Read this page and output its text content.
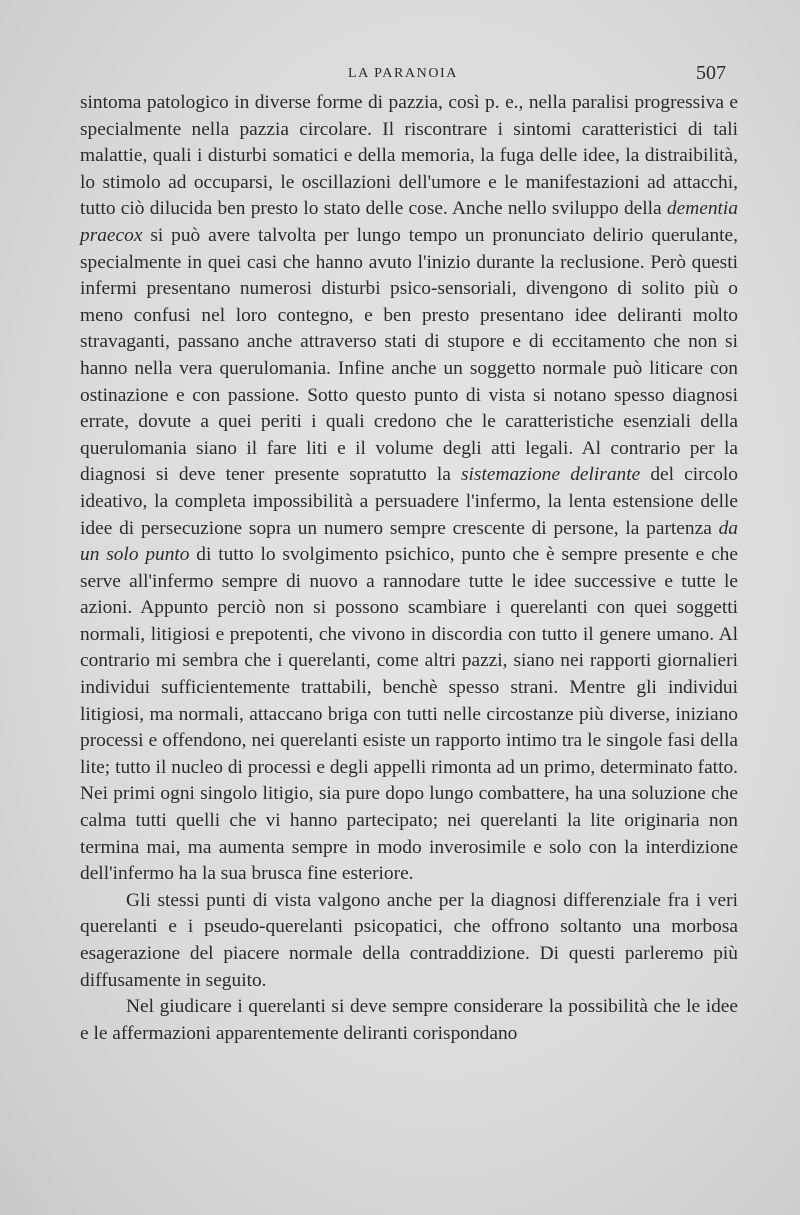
LA PARANOIA	507

sintoma patologico in diverse forme di pazzia, così p. e., nella paralisi progressiva e specialmente nella pazzia circolare. Il riscontrare i sintomi caratteristici di tali malattie, quali i disturbi somatici e della memoria, la fuga delle idee, la distraibilità, lo stimolo ad occuparsi, le oscillazioni dell'umore e le manifestazioni ad attacchi, tutto ciò dilucida ben presto lo stato delle cose. Anche nello sviluppo della dementia praecox si può avere talvolta per lungo tempo un pronunciato delirio querulante, specialmente in quei casi che hanno avuto l'inizio durante la reclusione. Però questi infermi presentano numerosi disturbi psico-sensoriali, divengono di solito più o meno confusi nel loro contegno, e ben presto presentano idee deliranti molto stravaganti, passano anche attraverso stati di stupore e di eccitamento che non si hanno nella vera querulomania. Infine anche un soggetto normale può liticare con ostinazione e con passione. Sotto questo punto di vista si notano spesso diagnosi errate, dovute a quei periti i quali credono che le caratteristiche esenziali della querulomania siano il fare liti e il volume degli atti legali. Al contrario per la diagnosi si deve tener presente sopratutto la sistemazione delirante del circolo ideativo, la completa impossibilità a persuadere l'infermo, la lenta estensione delle idee di persecuzione sopra un numero sempre crescente di persone, la partenza da un solo punto di tutto lo svolgimento psichico, punto che è sempre presente e che serve all'infermo sempre di nuovo a rannodare tutte le idee successive e tutte le azioni. Appunto perciò non si possono scambiare i querelanti con quei soggetti normali, litigiosi e prepotenti, che vivono in discordia con tutto il genere umano. Al contrario mi sembra che i querelanti, come altri pazzi, siano nei rapporti giornalieri individui sufficientemente trattabili, benchè spesso strani. Mentre gli individui litigiosi, ma normali, attaccano briga con tutti nelle circostanze più diverse, iniziano processi e offendono, nei querelanti esiste un rapporto intimo tra le singole fasi della lite; tutto il nucleo di processi e degli appelli rimonta ad un primo, determinato fatto. Nei primi ogni singolo litigio, sia pure dopo lungo combattere, ha una soluzione che calma tutti quelli che vi hanno partecipato; nei querelanti la lite originaria non termina mai, ma aumenta sempre in modo inverosimile e solo con la interdizione dell'infermo ha la sua brusca fine esteriore.

Gli stessi punti di vista valgono anche per la diagnosi differenziale fra i veri querelanti e i pseudo-querelanti psicopatici, che offrono soltanto una morbosa esagerazione del piacere normale della contraddizione. Di questi parleremo più diffusamente in seguito.

Nel giudicare i querelanti si deve sempre considerare la possibilità che le idee e le affermazioni apparentemente deliranti corispondano
